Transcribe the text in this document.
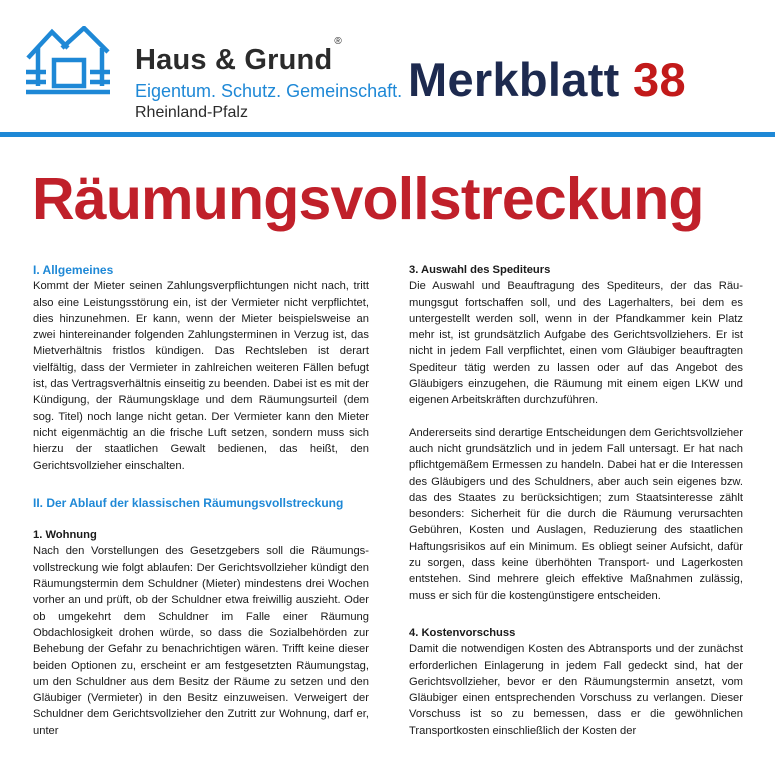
Haus & Grund®
Eigentum. Schutz. Gemeinschaft.
Rheinland-Pfalz
Merkblatt 38
Räumungsvollstreckung
I. Allgemeines

Kommt der Mieter seinen Zahlungsverpflichtungen nicht nach, tritt also eine Leistungsstörung ein, ist der Vermieter nicht verpflichtet, dies hinzunehmen. Er kann, wenn der Mieter beispielsweise an zwei hintereinander folgenden Zahlungsterminen in Verzug ist, das Mietverhältnis fristlos kündigen. Das Rechtsleben ist derart vielfältig, dass der Vermieter in zahlreichen weiteren Fällen befugt ist, das Vertragsverhältnis einseitig zu beenden. Dabei ist es mit der Kündigung, der Räumungsklage und dem Räumungsurteil (dem sog. Titel) noch lange nicht getan. Der Vermieter kann den Mieter nicht eigenmächtig an die frische Luft setzen, sondern muss sich hierzu der staatlichen Gewalt bedienen, das heißt, den Gerichtsvollzieher einschalten.

II. Der Ablauf der klassischen Räumungsvollstreckung
1. Wohnung

Nach den Vorstellungen des Gesetzgebers soll die Räumungsvollstreckung wie folgt ablaufen: Der Gerichtsvollzieher kündigt den Räumungstermin dem Schuldner (Mieter) mindestens drei Wochen vorher an und prüft, ob der Schuldner etwa freiwillig auszieht. Oder ob umgekehrt dem Schuldner im Falle einer Räumung Obdachlosigkeit drohen würde, so dass die Sozialbehörden zur Behebung der Gefahr zu benachrichtigen wären. Trifft keine dieser beiden Optionen zu, erscheint er am festgesetzten Räumungstag, um den Schuldner aus dem Besitz der Räume zu setzen und den Gläubiger (Vermieter) in den Besitz einzuweisen. Verweigert der Schuldner dem Gerichtsvollzieher den Zutritt zur Wohnung, darf er, unter

3. Auswahl des Spediteurs

Die Auswahl und Beauftragung des Spediteurs, der das Räumungsgut fortschaffen soll, und des Lagerhalters, bei dem es untergestellt werden soll, wenn in der Pfandkammer kein Platz mehr ist, ist grundsätzlich Aufgabe des Gerichtsvollziehers. Er ist nicht in jedem Fall verpflichtet, einen vom Gläubiger beauftragten Spediteur tätig werden zu lassen oder auf das Angebot des Gläubigers einzugehen, die Räumung mit einem eigen LKW und eigenen Arbeitskräften durchzuführen.

Andererseits sind derartige Entscheidungen dem Gerichtsvollzieher auch nicht grundsätzlich und in jedem Fall untersagt. Er hat nach pflichtgemäßem Ermessen zu handeln. Dabei hat er die Interessen des Gläubigers und des Schuldners, aber auch sein eigenes bzw. das des Staates zu berücksichtigen; zum Staatsinteresse zählt besonders: Sicherheit für die durch die Räumung verursachten Gebühren, Kosten und Auslagen, Reduzierung des staatlichen Haftungsrisikos auf ein Minimum. Es obliegt seiner Aufsicht, dafür zu sorgen, dass keine überhöhten Transport- und Lagerkosten entstehen. Sind mehrere gleich effektive Maßnahmen zulässig, muss er sich für die kostengünstigere entscheiden.

4. Kostenvorschuss

Damit die notwendigen Kosten des Abtransports und der zunächst erforderlichen Einlagerung in jedem Fall gedeckt sind, hat der Gerichtsvollzieher, bevor er den Räumungstermin ansetzt, vom Gläubiger einen entsprechenden Vorschuss zu verlangen. Dieser Vorschuss ist so zu bemessen, dass er die gewöhnlichen Transportkosten einschließlich der Kosten der
